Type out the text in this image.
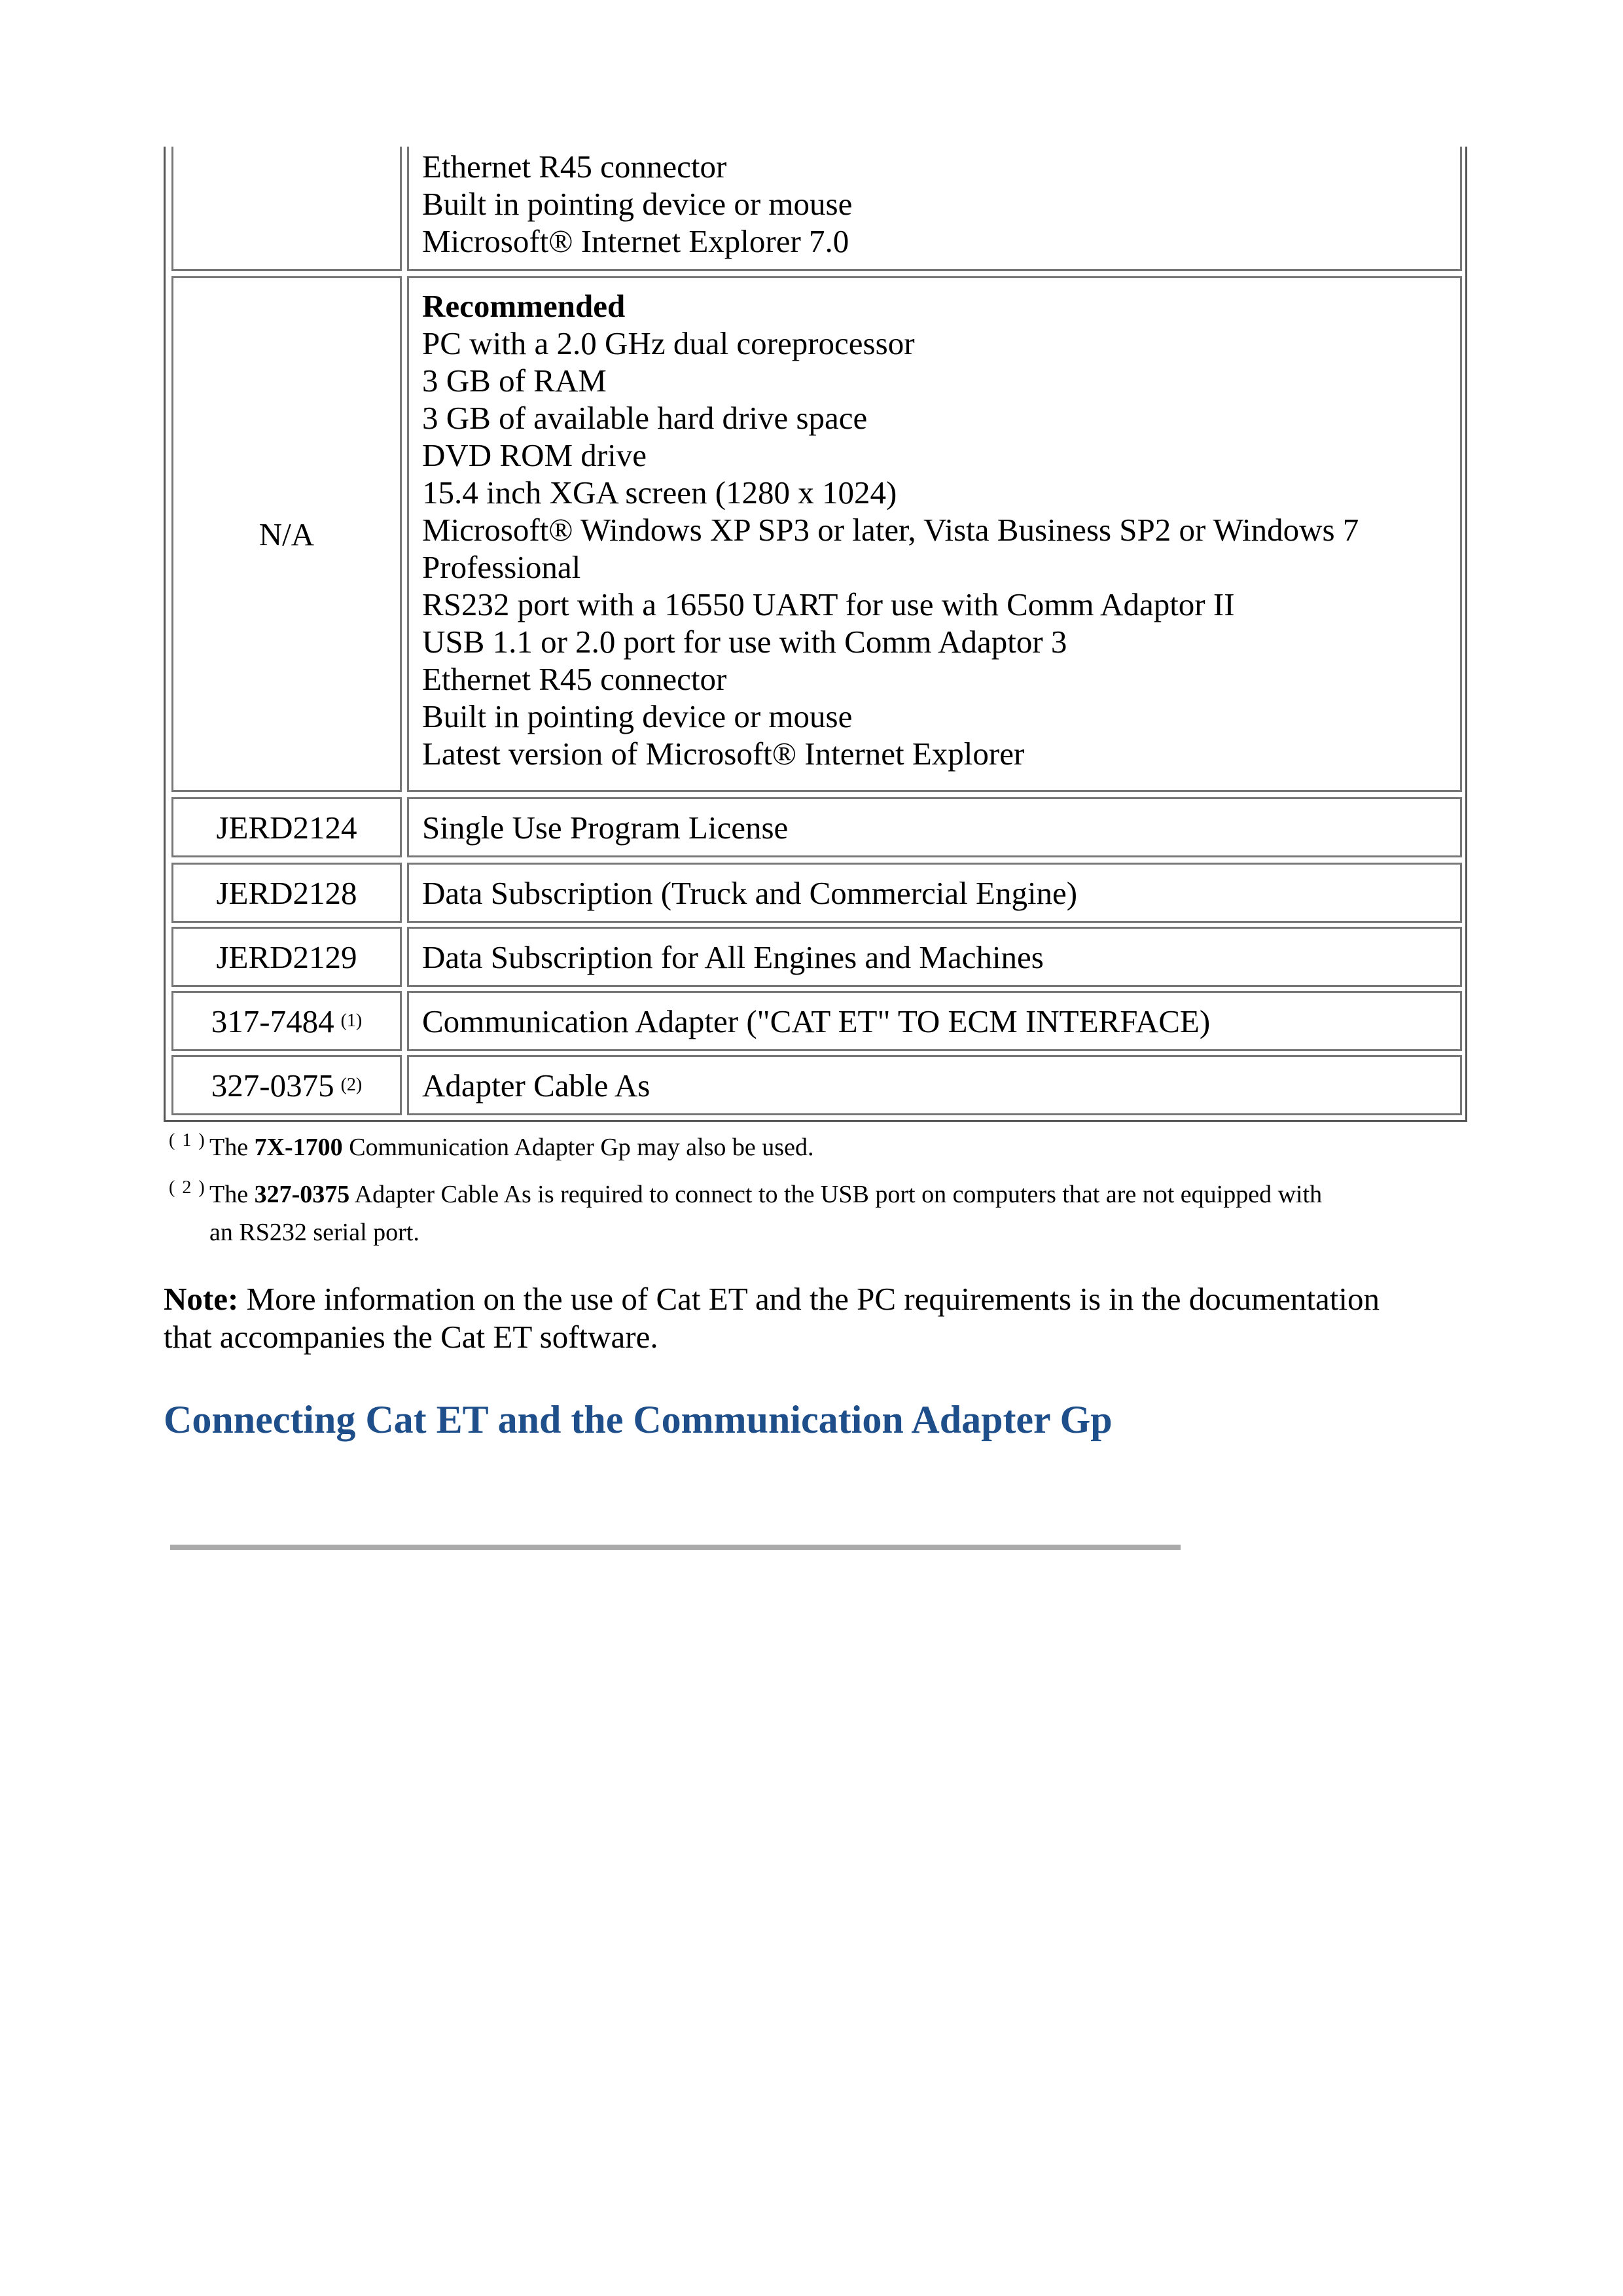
Ethernet R45 connector
Built in pointing device or mouse
Microsoft® Internet Explorer 7.0
N/A
Recommended
PC with a 2.0 GHz dual coreprocessor
3 GB of RAM
3 GB of available hard drive space
DVD ROM drive
15.4 inch XGA screen (1280 x 1024)
Microsoft® Windows XP SP3 or later, Vista Business SP2 or Windows 7
Professional
RS232 port with a 16550 UART for use with Comm Adaptor II
USB 1.1 or 2.0 port for use with Comm Adaptor 3
Ethernet R45 connector
Built in pointing device or mouse
Latest version of Microsoft® Internet Explorer
JERD2124 Single Use Program License
JERD2128 Data Subscription (Truck and Commercial Engine)
JERD2129 Data Subscription for All Engines and Machines
317-7484 (1) Communication Adapter ("CAT ET" TO ECM INTERFACE)
327-0375 (2) Adapter Cable As
( 1 ) The 7X-1700 Communication Adapter Gp may also be used.
( 2 ) The 327-0375 Adapter Cable As is required to connect to the USB port on computers that are not equipped with
an RS232 serial port.
Note: More information on the use of Cat ET and the PC requirements is in the documentation
that accompanies the Cat ET software.
Connecting Cat ET and the Communication Adapter Gp
